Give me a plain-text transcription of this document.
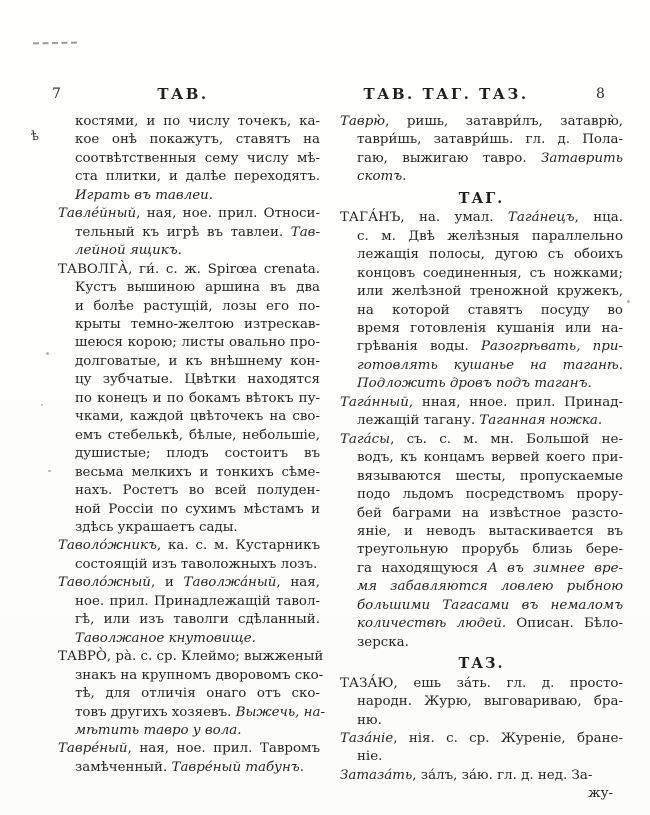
7	ТАВ.	ТАВ. ТАГ. ТАЗ.	8
костями, и по числу точекъ, ка-
кое онѣ покажутъ, ставятъ на
соотвѣтственныя сему числу мѣ-
ста плитки, и далѣе переходятъ.
Играть въ тавлеи.
Тавле́йный, ная, ное. прил. Относи-
тельный къ игрѣ въ тавлеи. Тав-
лейной ящикъ.
ТАВОЛГА̀, ги́. с. ж. Spirœa crenata.
Кустъ вышиною аршина въ два
и болѣе растущій, лозы его по-
крыты темно-желтою изтрескав-
шеюся корою; листы овально про-
долговатые, и къ внѣшнему кон-
цу зубчатые. Цвѣтки находятся
по конецъ и по бокамъ вѣтокъ пу-
чками, каждой цвѣточекъ на сво-
емъ стебелькѣ, бѣлые, небольшіе,
душистые; плодъ состоитъ въ
весьма мелкихъ и тонкихъ сѣме-
нахъ. Ростетъ во всей полуден-
ной Россіи по сухимъ мѣстамъ и
здѣсь украшаетъ сады.
Таволо́жникъ, ка. с. м. Кустарникъ
состоящій изъ таволожныхъ лозъ.
Таволо́жный, и Таволжа́ный, ная,
ное. прил. Принадлежащій тавол-
гѣ, или изъ таволги сдѣланный.
Таволжаное кнутовище.
ТАВРО̀, ра̀. с. ср. Клеймо; выжженый
знакъ на крупномъ дворовомъ ско-
тѣ, для отличія онаго отъ ско-
товъ другихъ хозяевъ. Выжечь, на-
мѣтить тавро у вола.
Тавре́ный, ная, ное. прил. Тавромъ
замѣченный. Тавре́ный табунъ.
Таврю̀, ришь, затаври́лъ, затаврю̀,
таври́шь, затаври́шь. гл. д. Пола-
гаю, выжигаю тавро. Затаврить
скотъ.
ТАГ.
ТАГА́НЪ, на. умал. Тага́нецъ, нца.
с. м. Двѣ желѣзныя параллельно
лежащія полосы, дугою съ обоихъ
концовъ соединенныя, съ ножками;
или желѣзной треножной кружекъ,
на которой ставятъ посуду во
время готовленія кушанія или на-
грѣванія воды. Разогрѣвать, при-
готовлять кушанье на таганѣ.
Подложить дровъ подъ таганъ.
Тага́нный, нная, нное. прил. Принад-
лежащій тагану. Таганная ножка.
Тага́сы, съ. с. м. мн. Большой не-
водъ, къ концамъ вервей коего при-
вязываются шесты, пропускаемые
подо льдомъ посредствомъ прору-
бей баграми на извѣстное разсто-
яніе, и неводъ вытаскивается въ
треугольную прорубь близь бере-
га находящуюся А въ зимнее вре-
мя забавляются ловлею рыбною
большими Тагасами въ немаломъ
количествѣ людей. Описан. Бѣло-
зерска.
ТАЗ.
ТАЗА́Ю, ешь за́ть. гл. д. просто-
народн. Журю, выговариваю, бра-
ню.
Таза́ніе, нія. с. ср. Журеніе, бране-
ніе.
Затаза́ть, за́лъ, за́ю. гл. д. нед. За-
жу-
ѣ
